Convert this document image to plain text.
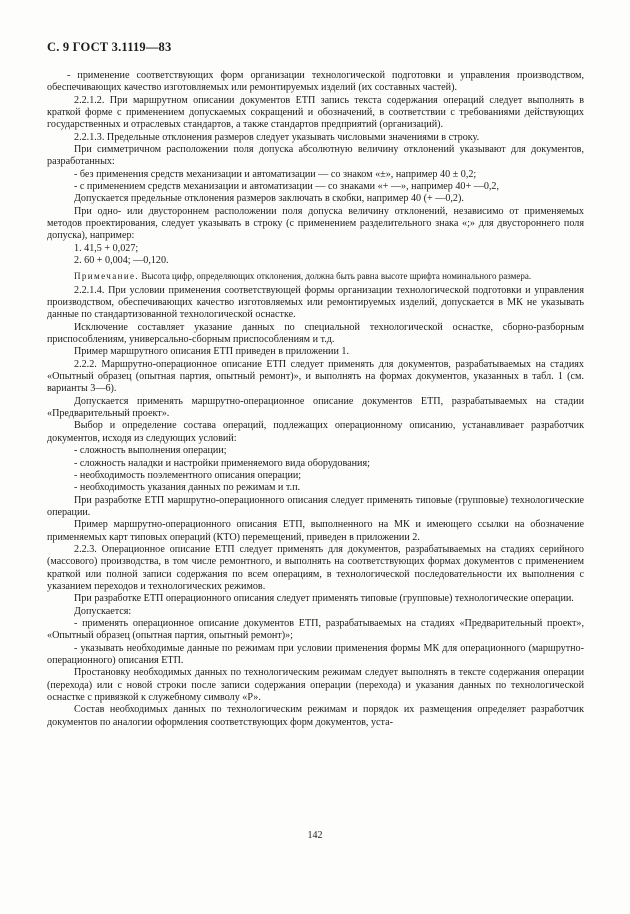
С. 9 ГОСТ 3.1119—83

- применение соответствующих форм организации технологической подготовки и управления производством, обеспечивающих качество изготовляемых или ремонтируемых изделий (их составных частей).

2.2.1.2. При маршрутном описании документов ЕТП запись текста содержания операций следует выполнять в краткой форме с применением допускаемых сокращений и обозначений, в соответствии с требованиями действующих государственных и отраслевых стандартов, а также стандартов предприятий (организаций).

2.2.1.3. Предельные отклонения размеров следует указывать числовыми значениями в строку.

При симметричном расположении поля допуска абсолютную величину отклонений указывают для документов, разработанных:

- без применения средств механизации и автоматизации — со знаком «±», например 40 ± 0,2;

- с применением средств механизации и автоматизации — со знаками «+ —», например 40+ —0,2,

Допускается предельные отклонения размеров заключать в скобки, например 40 (+ —0,2).

При одно- или двустороннем расположении поля допуска величину отклонений, независимо от применяемых методов проектирования, следует указывать в строку (с применением разделительного знака «;» для двустороннего поля допуска), например:

1. 41,5 + 0,027;

2. 60 + 0,004; —0,120.

Примечание. Высота цифр, определяющих отклонения, должна быть равна высоте шрифта номинального размера.

2.2.1.4. При условии применения соответствующей формы организации технологической подготовки и управления производством, обеспечивающих качество изготовляемых или ремонтируемых изделий, допускается в МК не указывать данные по стандартизованной технологической оснастке.

Исключение составляет указание данных по специальной технологической оснастке, сборно-разборным приспособлениям, универсально-сборным приспособлениям и т.д.

Пример маршрутного описания ЕТП приведен в приложении 1.

2.2.2. Маршрутно-операционное описание ЕТП следует применять для документов, разрабатываемых на стадиях «Опытный образец (опытная партия, опытный ремонт)», и выполнять на формах документов, указанных в табл. 1 (см. варианты 3—6).

Допускается применять маршрутно-операционное описание документов ЕТП, разрабатываемых на стадии «Предварительный проект».

Выбор и определение состава операций, подлежащих операционному описанию, устанавливает разработчик документов, исходя из следующих условий:

- сложность выполнения операции;

- сложность наладки и настройки применяемого вида оборудования;

- необходимость поэлементного описания операции;

- необходимость указания данных по режимам и т.п.

При разработке ЕТП маршрутно-операционного описания следует применять типовые (групповые) технологические операции.

Пример маршрутно-операционного описания ЕТП, выполненного на МК и имеющего ссылки на обозначение применяемых карт типовых операций (КТО) перемещений, приведен в приложении 2.

2.2.3. Операционное описание ЕТП следует применять для документов, разрабатываемых на стадиях серийного (массового) производства, в том числе ремонтного, и выполнять на соответствующих формах документов с применением краткой или полной записи содержания по всем операциям, в технологической последовательности их выполнения с указанием переходов и технологических режимов.

При разработке ЕТП операционного описания следует применять типовые (групповые) технологические операции.

Допускается:

- применять операционное описание документов ЕТП, разрабатываемых на стадиях «Предварительный проект», «Опытный образец (опытная партия, опытный ремонт)»;

- указывать необходимые данные по режимам при условии применения формы МК для операционного (маршрутно-операционного) описания ЕТП.

Простановку необходимых данных по технологическим режимам следует выполнять в тексте содержания операции (перехода) или с новой строки после записи содержания операции (перехода) и указания данных по технологической оснастке с привязкой к служебному символу «Р».

Состав необходимых данных по технологическим режимам и порядок их размещения определяет разработчик документов по аналогии оформления соответствующих форм документов, уста-

142
